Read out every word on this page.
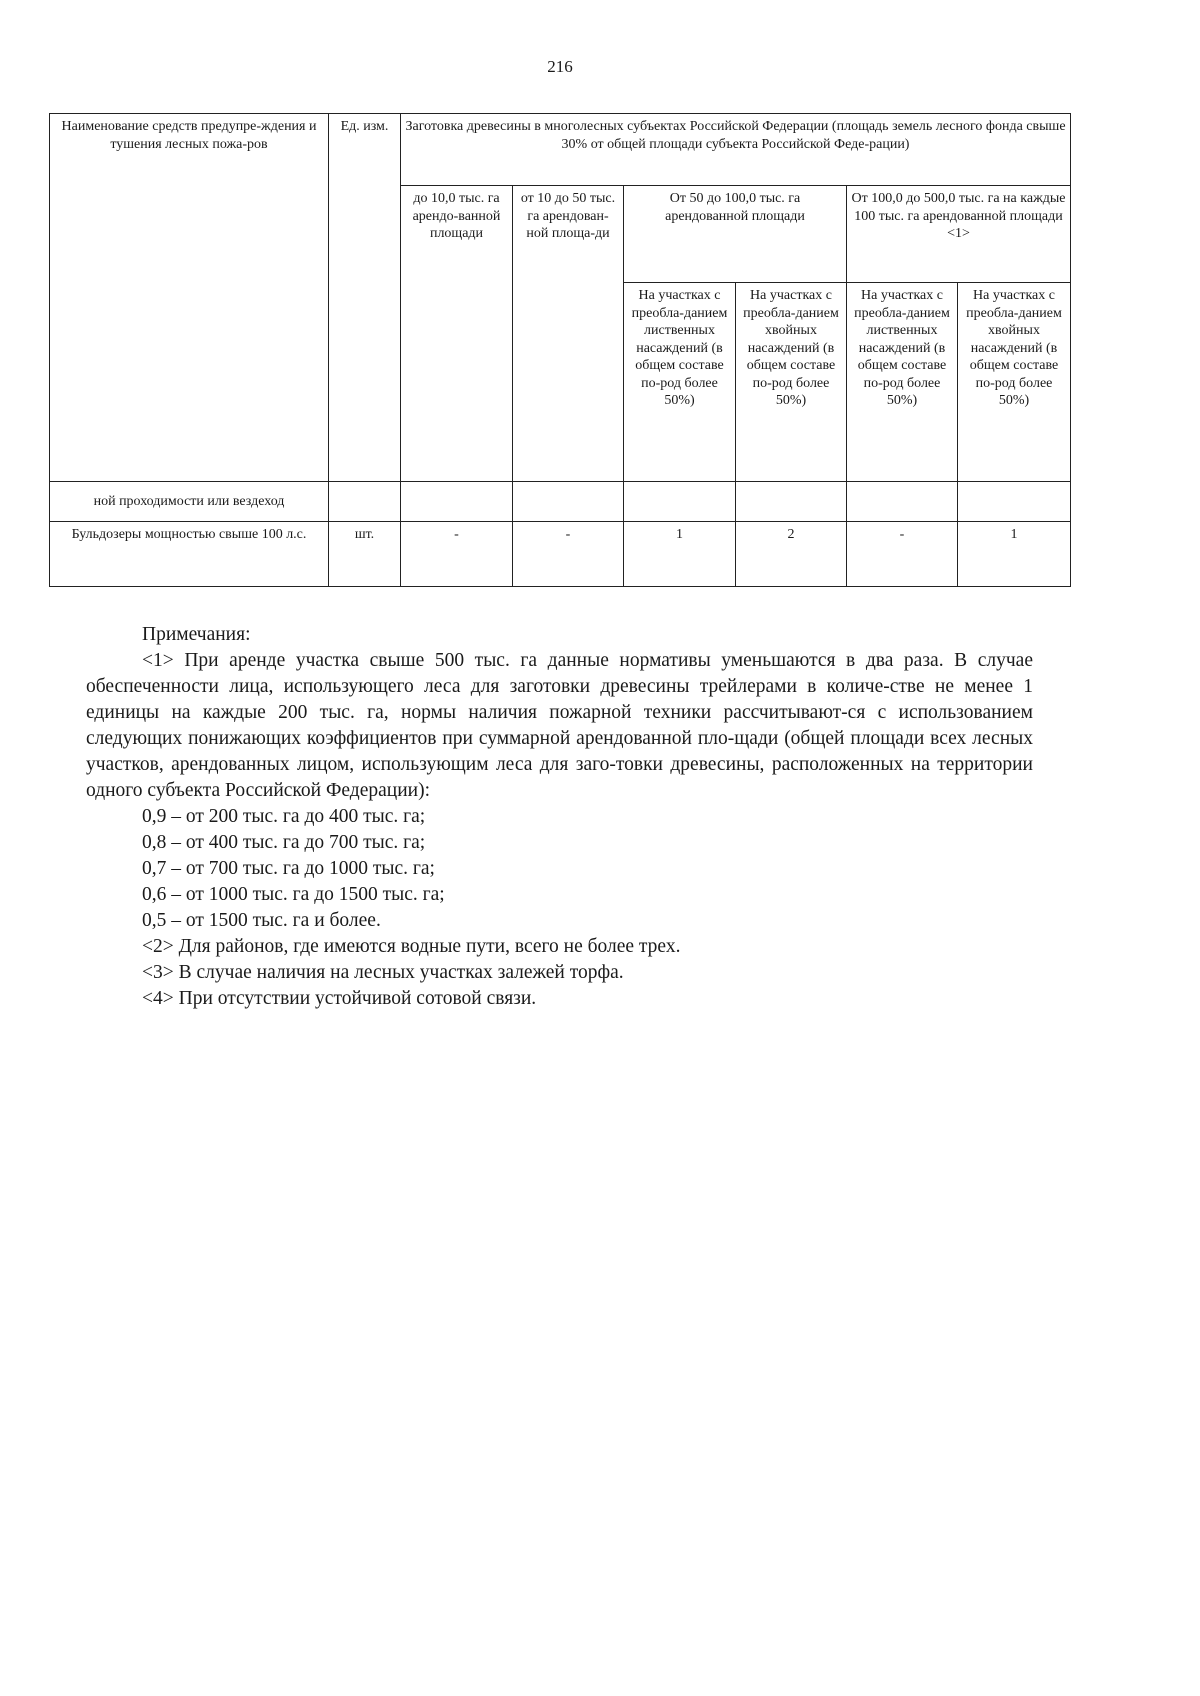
216
Наименование средств предупре-ждения и тушения лесных пожа-ров	Ед. изм.	Заготовка древесины в многолесных субъектах Российской Федерации (площадь земель лесного фонда свыше 30% от общей площади субъекта Российской Феде-рации)					
		до 10,0 тыс. га арендо-ванной площади	от 10 до 50 тыс. га арендован-ной площа-ди	От 50 до 100,0 тыс. га арендованной площади		От 100,0 до 500,0 тыс. га на каждые 100 тыс. га арендованной площади <1>	
				На участках с преобла-данием лиственных насаждений (в общем составе по-род более 50%)	На участках с преобла-данием хвойных насаждений (в общем составе по-род более 50%)	На участках с преобла-данием лиственных насаждений (в общем составе по-род более 50%)	На участках с преобла-данием хвойных насаждений (в общем составе по-род более 50%)
ной проходимости или вездеход							
Бульдозеры мощностью свыше 100 л.с.	шт.	-	-	1	2	-	1

Примечания:

<1> При аренде участка свыше 500 тыс. га данные нормативы уменьшаются в два раза. В случае обеспеченности лица, использующего леса для заготовки древесины трейлерами в количе-стве не менее 1 единицы на каждые 200 тыс. га, нормы наличия пожарной техники рассчитывают-ся с использованием следующих понижающих коэффициентов при суммарной арендованной пло-щади (общей площади всех лесных участков, арендованных лицом, использующим леса для заго-товки древесины, расположенных на территории одного субъекта Российской Федерации):

0,9 – от 200 тыс. га до 400 тыс. га;

0,8 – от 400 тыс. га до 700 тыс. га;

0,7 – от 700 тыс. га до 1000 тыс. га;

0,6 – от 1000 тыс. га до 1500 тыс. га;

0,5 – от 1500 тыс. га и более.

<2> Для районов, где имеются водные пути, всего не более трех.

<3> В случае наличия на лесных участках залежей торфа.

<4> При отсутствии устойчивой сотовой связи.
